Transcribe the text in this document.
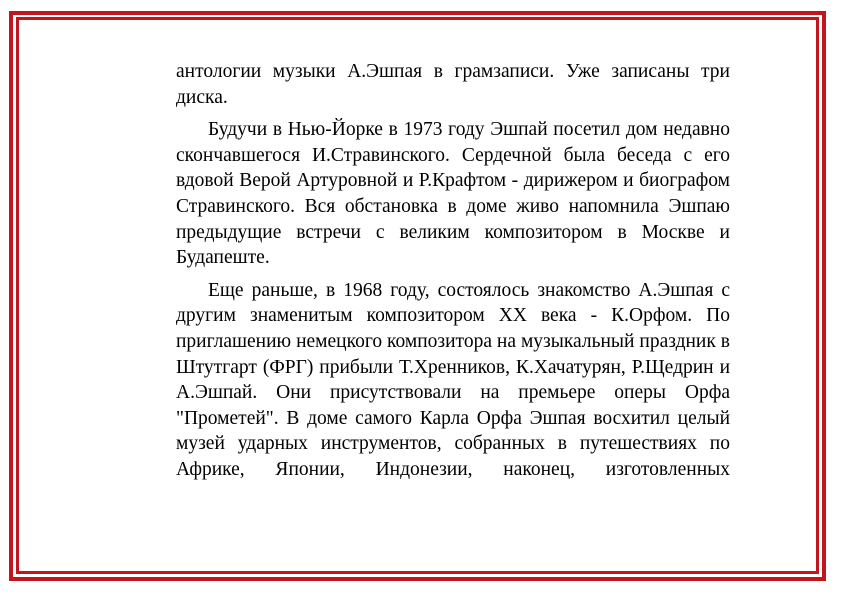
антологии музыки А.Эшпая в грамзаписи. Уже записаны три диска.

Будучи в Нью-Йорке в 1973 году Эшпай посетил дом недавно скончавшегося И.Стравинского. Сердечной была беседа с его вдовой Верой Артуровной и Р.Крафтом - дирижером и биографом Стравинского. Вся обстановка в доме живо напомнила Эшпаю предыдущие встречи с великим композитором в Москве и Будапеште.

Еще раньше, в 1968 году, состоялось знакомство А.Эшпая с другим знаменитым композитором XX века - К.Орфом. По приглашению немецкого композитора на музыкальный праздник в Штутгарт (ФРГ) прибыли Т.Хренников, К.Хачатурян, Р.Щедрин и А.Эшпай. Они присутствовали на премьере оперы Орфа "Прометей". В доме самого Карла Орфа Эшпая восхитил целый музей ударных инструментов, собранных в путешествиях по Африке, Японии, Индонезии, наконец, изготовленных
